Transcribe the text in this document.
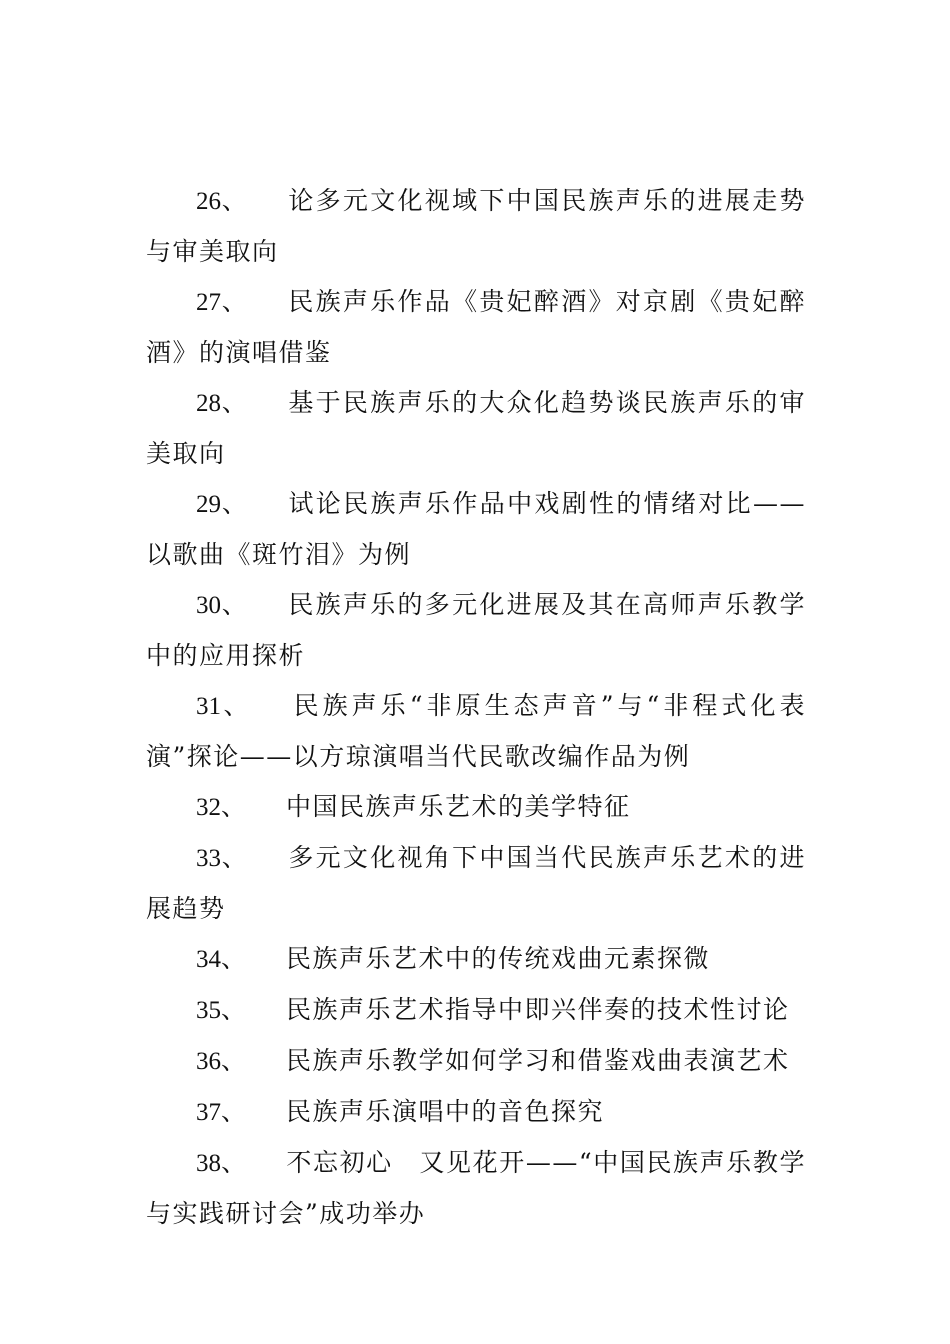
26、 论多元文化视域下中国民族声乐的进展走势与审美取向
27、 民族声乐作品《贵妃醉酒》对京剧《贵妃醉酒》的演唱借鉴
28、 基于民族声乐的大众化趋势谈民族声乐的审美取向
29、 试论民族声乐作品中戏剧性的情绪对比——以歌曲《斑竹泪》为例
30、 民族声乐的多元化进展及其在高师声乐教学中的应用探析
31、 民族声乐“非原生态声音”与“非程式化表演”探论——以方琼演唱当代民歌改编作品为例
32、 中国民族声乐艺术的美学特征
33、 多元文化视角下中国当代民族声乐艺术的进展趋势
34、 民族声乐艺术中的传统戏曲元素探微
35、 民族声乐艺术指导中即兴伴奏的技术性讨论
36、 民族声乐教学如何学习和借鉴戏曲表演艺术
37、 民族声乐演唱中的音色探究
38、 不忘初心　又见花开——“中国民族声乐教学与实践研讨会”成功举办
